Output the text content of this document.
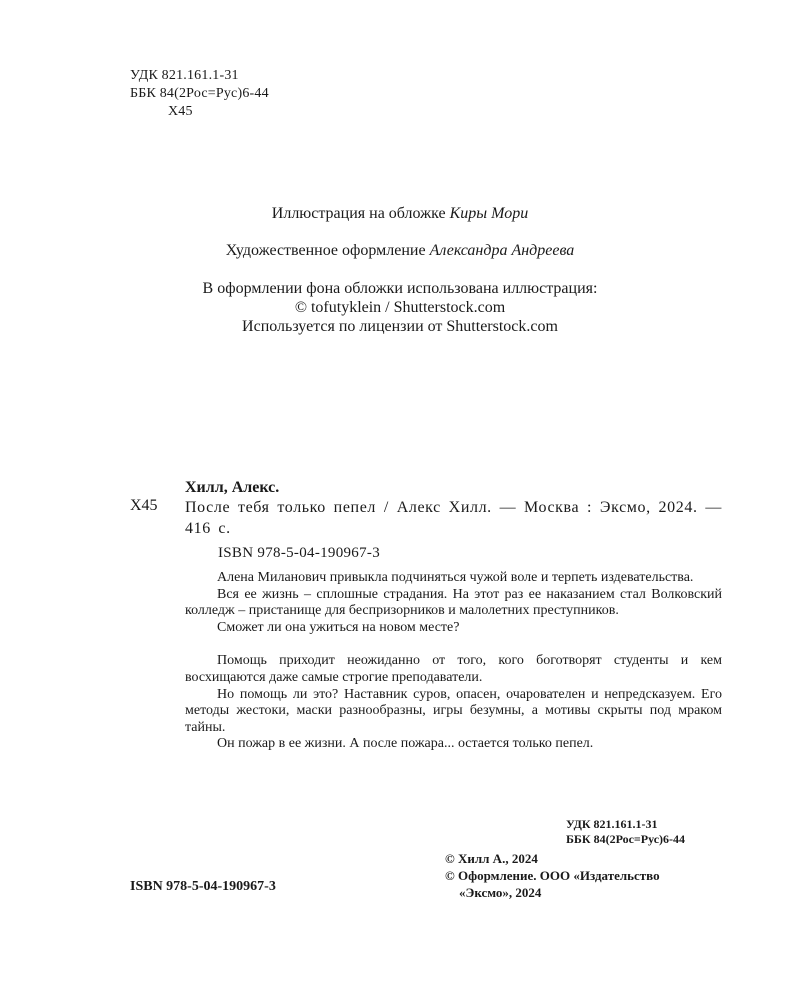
УДК 821.161.1-31
ББК 84(2Рос=Рус)6-44
Х45
Иллюстрация на обложке Киры Мори
Художественное оформление Александра Андреева
В оформлении фона обложки использована иллюстрация:
© tofutyklein / Shutterstock.com
Используется по лицензии от Shutterstock.com
Х45
Хилл, Алекс.
После тебя только пепел / Алекс Хилл. — Москва : Эксмо, 2024. — 416 с.
ISBN 978-5-04-190967-3

Алена Миланович привыкла подчиняться чужой воле и терпеть издевательства.

Вся ее жизнь – сплошные страдания. На этот раз ее наказанием стал Волковский колледж – пристанище для беспризорников и малолетних преступников.

Сможет ли она ужиться на новом месте?

Помощь приходит неожиданно от того, кого боготворят студенты и кем восхищаются даже самые строгие преподаватели.

Но помощь ли это? Наставник суров, опасен, очарователен и непредсказуем. Его методы жестоки, маски разнообразны, игры безумны, а мотивы скрыты под мраком тайны.

Он пожар в ее жизни. А после пожара... остается только пепел.

УДК 821.161.1-31
ББК 84(2Рос=Рус)6-44
© Хилл А., 2024
© Оформление. ООО «Издательство
«Эксмо», 2024
ISBN 978-5-04-190967-3
